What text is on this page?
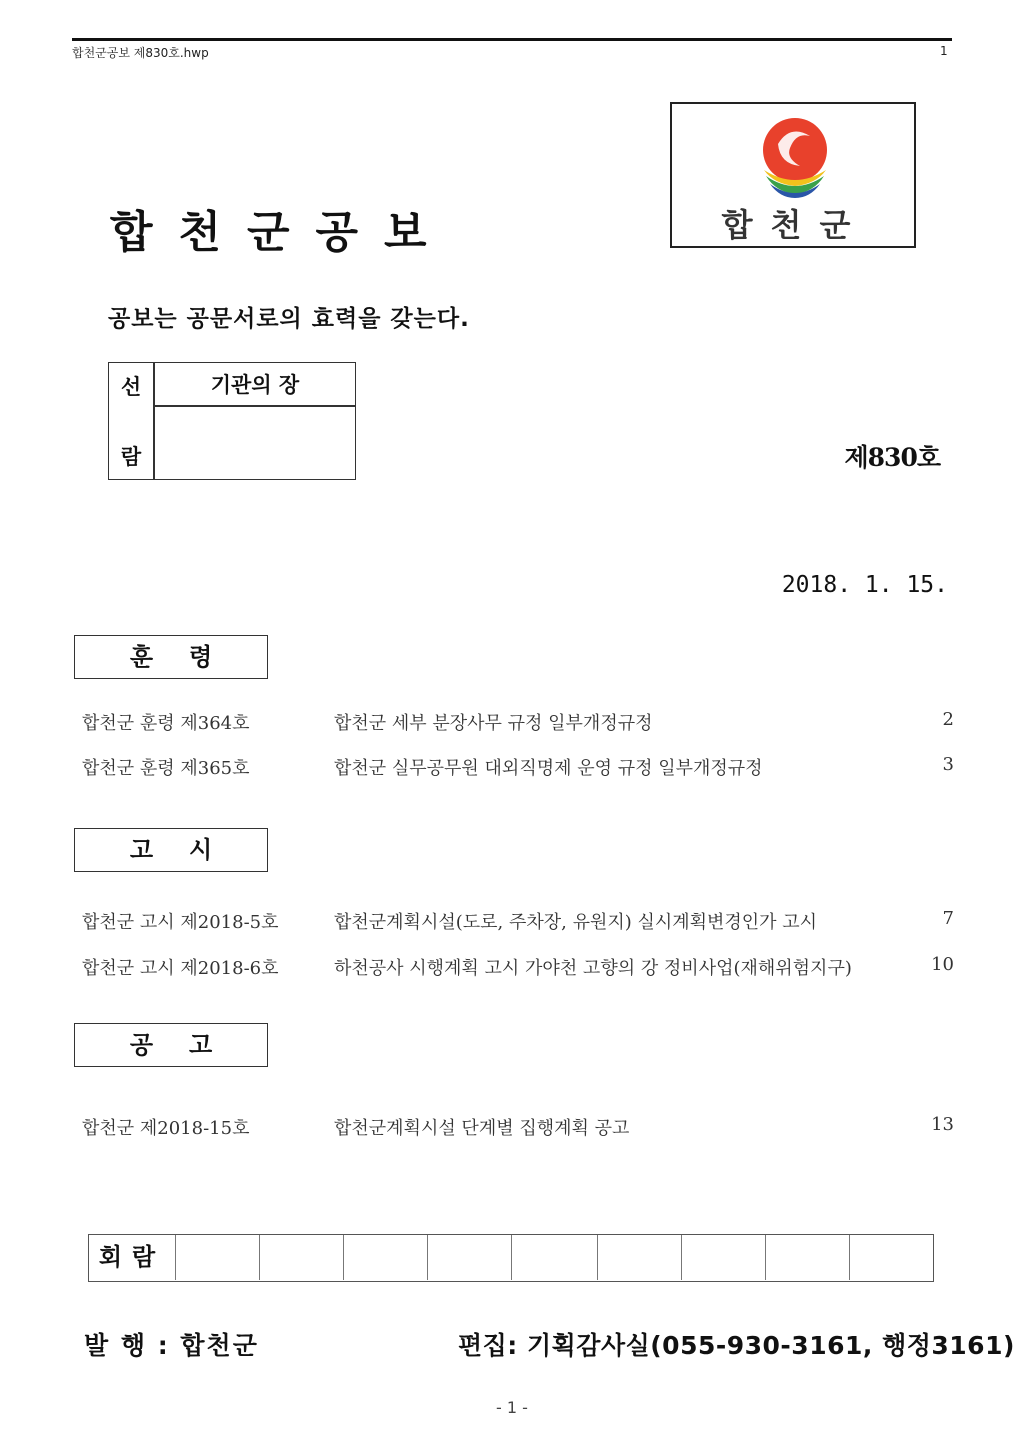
합천군공보 제830호.hwp	1
합천군공보	합천군
공보는 공문서로의 효력을 갖는다.
선
람
기관의 장
제830호
2018. 1. 15.
훈령
합천군 훈령 제364호	합천군 세부 분장사무 규정 일부개정규정	2
합천군 훈령 제365호	합천군 실무공무원 대외직명제 운영 규정 일부개정규정	3
고시
합천군 고시 제2018-5호	합천군계획시설(도로, 주차장, 유원지) 실시계획변경인가 고시	7
합천군 고시 제2018-6호	하천공사 시행계획 고시 가야천 고향의 강 정비사업(재해위험지구)	10
공고
합천군 제2018-15호	합천군계획시설 단계별 집행계획 공고	13
회람
발 행 : 합천군	편집: 기획감사실(055-930-3161, 행정3161)
- 1 -
